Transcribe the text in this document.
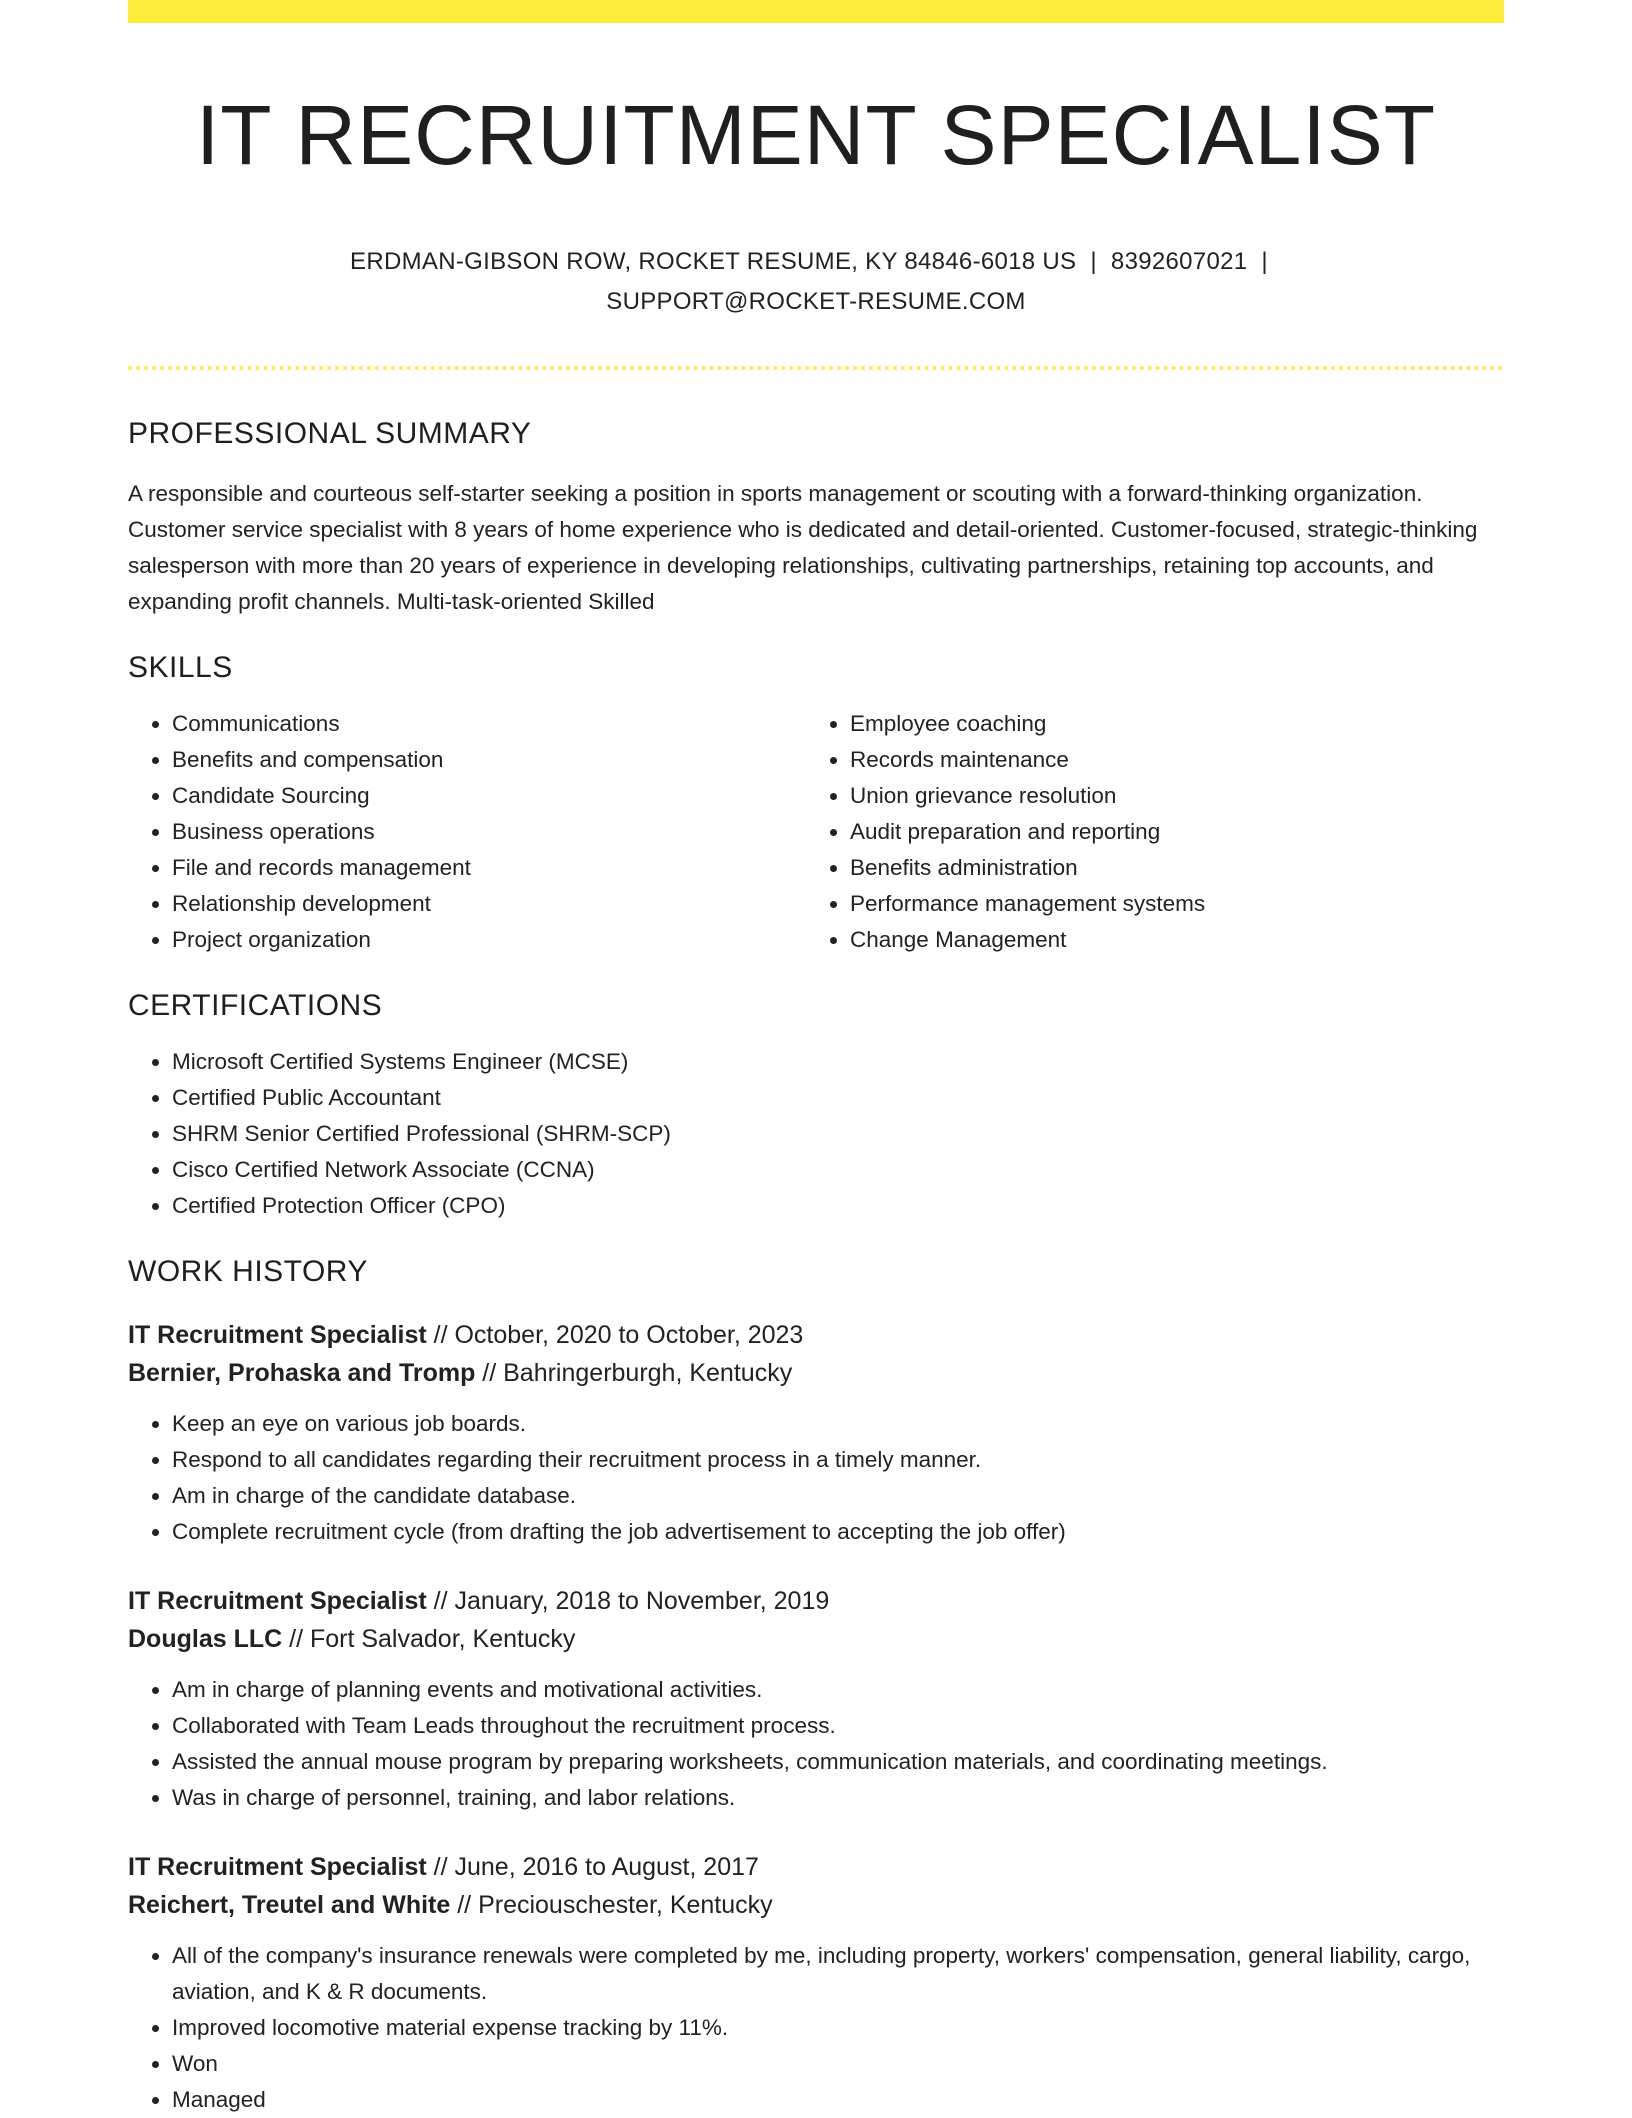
IT RECRUITMENT SPECIALIST
ERDMAN-GIBSON ROW, ROCKET RESUME, KY 84846-6018 US | 8392607021 |
SUPPORT@ROCKET-RESUME.COM
PROFESSIONAL SUMMARY
A responsible and courteous self-starter seeking a position in sports management or scouting with a forward-thinking organization. Customer service specialist with 8 years of home experience who is dedicated and detail-oriented. Customer-focused, strategic-thinking salesperson with more than 20 years of experience in developing relationships, cultivating partnerships, retaining top accounts, and expanding profit channels. Multi-task-oriented Skilled
SKILLS
• Communications
• Benefits and compensation
• Candidate Sourcing
• Business operations
• File and records management
• Relationship development
• Project organization
• Employee coaching
• Records maintenance
• Union grievance resolution
• Audit preparation and reporting
• Benefits administration
• Performance management systems
• Change Management
CERTIFICATIONS
• Microsoft Certified Systems Engineer (MCSE)
• Certified Public Accountant
• SHRM Senior Certified Professional (SHRM-SCP)
• Cisco Certified Network Associate (CCNA)
• Certified Protection Officer (CPO)
WORK HISTORY
IT Recruitment Specialist // October, 2020 to October, 2023
Bernier, Prohaska and Tromp // Bahringerburgh, Kentucky
• Keep an eye on various job boards.
• Respond to all candidates regarding their recruitment process in a timely manner.
• Am in charge of the candidate database.
• Complete recruitment cycle (from drafting the job advertisement to accepting the job offer)
IT Recruitment Specialist // January, 2018 to November, 2019
Douglas LLC // Fort Salvador, Kentucky
• Am in charge of planning events and motivational activities.
• Collaborated with Team Leads throughout the recruitment process.
• Assisted the annual mouse program by preparing worksheets, communication materials, and coordinating meetings.
• Was in charge of personnel, training, and labor relations.
IT Recruitment Specialist // June, 2016 to August, 2017
Reichert, Treutel and White // Preciouschester, Kentucky
• All of the company's insurance renewals were completed by me, including property, workers' compensation, general liability, cargo, aviation, and K & R documents.
• Improved locomotive material expense tracking by 11%.
• Won
• Managed
